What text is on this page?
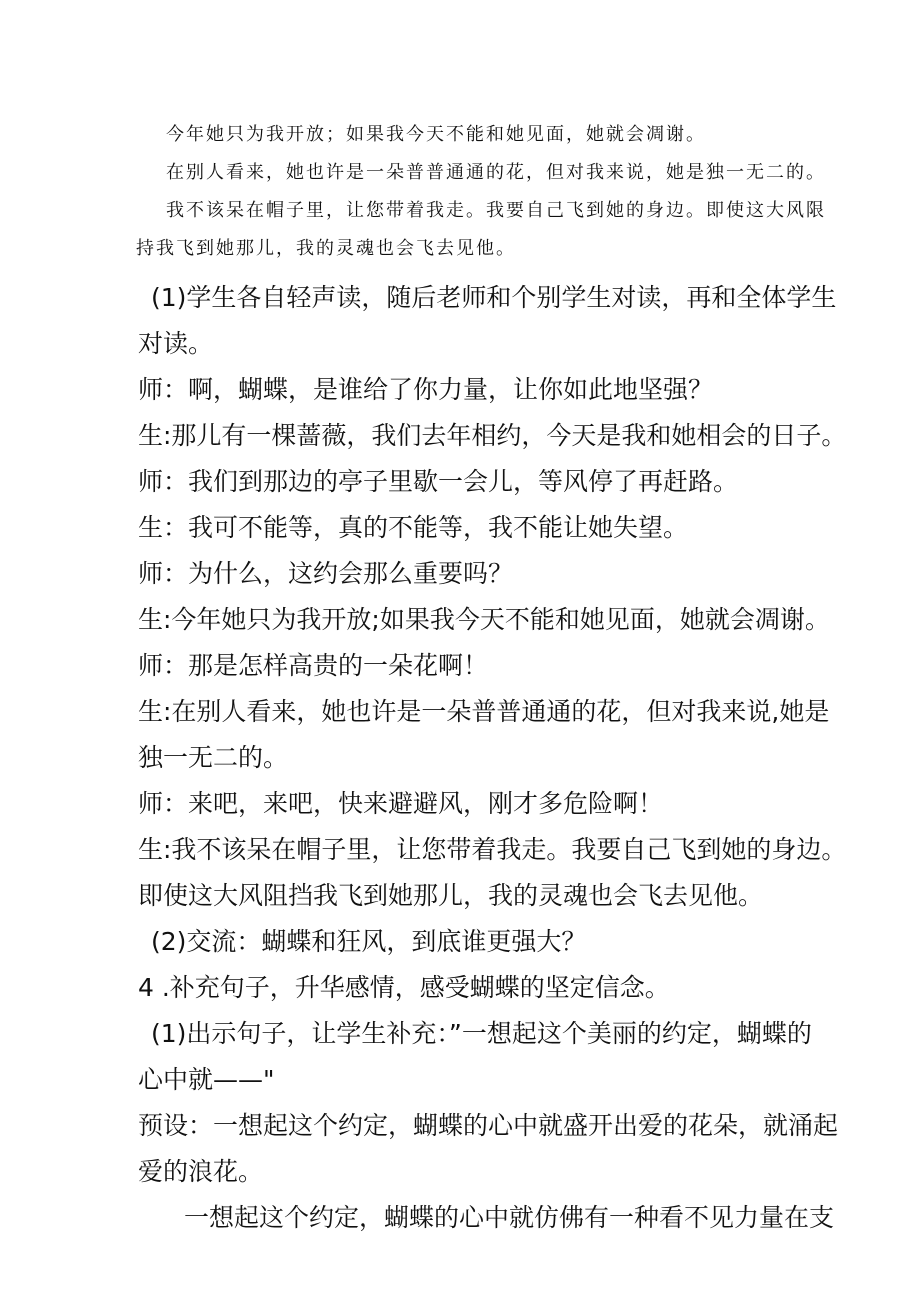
今年她只为我开放；如果我今天不能和她见面，她就会凋谢。

在别人看来，她也许是一朵普普通通的花，但对我来说，她是独一无二的。

我不该呆在帽子里，让您带着我走。我要自己飞到她的身边。即使这大风限

持我飞到她那儿，我的灵魂也会飞去见他。

(1)学生各自轻声读，随后老师和个别学生对读，再和全体学生

对读。

师：啊，蝴蝶，是谁给了你力量，让你如此地坚强？

生:那儿有一棵蔷薇，我们去年相约，今天是我和她相会的日子。

师：我们到那边的亭子里歇一会儿，等风停了再赶路。

生：我可不能等，真的不能等，我不能让她失望。

师：为什么，这约会那么重要吗？

生:今年她只为我开放;如果我今天不能和她见面，她就会凋谢。

师：那是怎样高贵的一朵花啊！

生:在别人看来，她也许是一朵普普通通的花，但对我来说,她是

独一无二的。

师：来吧，来吧，快来避避风，刚才多危险啊！

生:我不该呆在帽子里，让您带着我走。我要自己飞到她的身边。

即使这大风阻挡我飞到她那儿，我的灵魂也会飞去见他。

(2)交流：蝴蝶和狂风，到底谁更强大？

4 .补充句子，升华感情，感受蝴蝶的坚定信念。

(1)出示句子，让学生补充：”一想起这个美丽的约定，蝴蝶的

心中就——"

预设：一想起这个约定，蝴蝶的心中就盛开出爱的花朵，就涌起

爱的浪花。

一想起这个约定，蝴蝶的心中就仿佛有一种看不见力量在支
